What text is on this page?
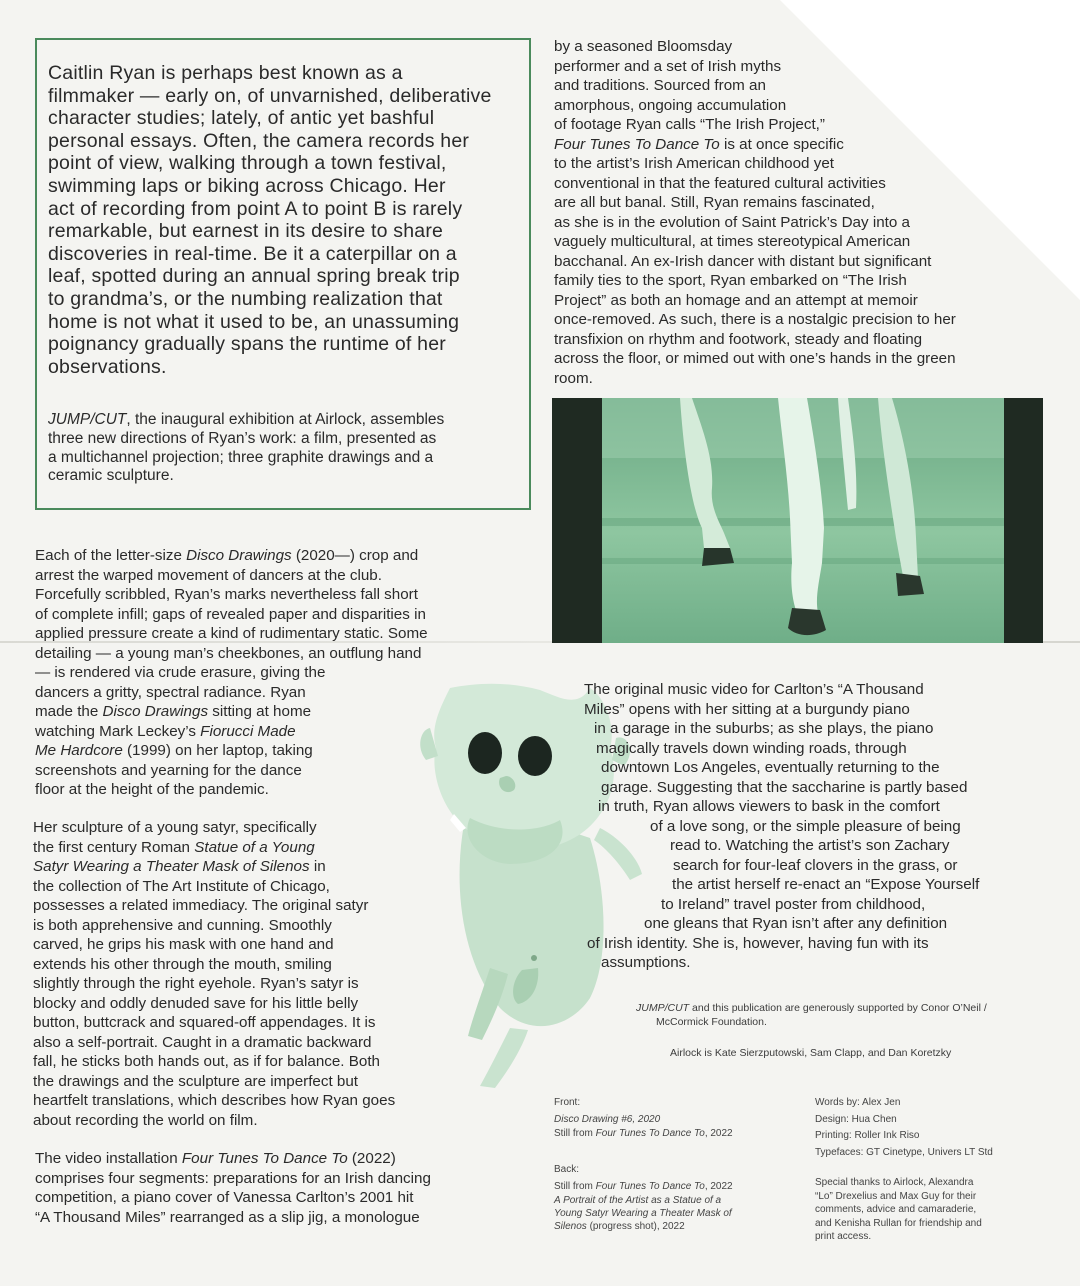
Caitlin Ryan is perhaps best known as a
filmmaker — early on, of unvarnished, deliberative
character studies; lately, of antic yet bashful
personal essays. Often, the camera records her
point of view, walking through a town festival,
swimming laps or biking across Chicago. Her
act of recording from point A to point B is rarely
remarkable, but earnest in its desire to share
discoveries in real-time. Be it a caterpillar on a
leaf, spotted during an annual spring break trip
to grandma’s, or the numbing realization that
home is not what it used to be, an unassuming
poignancy gradually spans the runtime of her
observations.
JUMP/CUT, the inaugural exhibition at Airlock, assembles
three new directions of Ryan’s work: a film, presented as
a multichannel projection; three graphite drawings and a
ceramic sculpture.
by a seasoned Bloomsday
performer and a set of Irish myths
and traditions. Sourced from an
amorphous, ongoing accumulation
of footage Ryan calls “The Irish Project,”
Four Tunes To Dance To is at once specific
to the artist’s Irish American childhood yet
conventional in that the featured cultural activities
are all but banal. Still, Ryan remains fascinated,
as she is in the evolution of Saint Patrick’s Day into a
vaguely multicultural, at times stereotypical American
bacchanal. An ex-Irish dancer with distant but significant
family ties to the sport, Ryan embarked on “The Irish
Project” as both an homage and an attempt at memoir
once-removed. As such, there is a nostalgic precision to her
transfixion on rhythm and footwork, steady and floating
across the floor, or mimed out with one’s hands in the green
room.
Each of the letter-size Disco Drawings (2020—) crop and
arrest the warped movement of dancers at the club.
Forcefully scribbled, Ryan’s marks nevertheless fall short
of complete infill; gaps of revealed paper and disparities in
applied pressure create a kind of rudimentary static. Some
detailing — a young man’s cheekbones, an outflung hand
— is rendered via crude erasure, giving the
dancers a gritty, spectral radiance. Ryan
made the Disco Drawings sitting at home
watching Mark Leckey’s Fiorucci Made
Me Hardcore (1999) on her laptop, taking
screenshots and yearning for the dance
floor at the height of the pandemic.
Her sculpture of a young satyr, specifically
the first century Roman Statue of a Young
Satyr Wearing a Theater Mask of Silenos in
the collection of The Art Institute of Chicago,
possesses a related immediacy. The original satyr
is both apprehensive and cunning. Smoothly
carved, he grips his mask with one hand and
extends his other through the mouth, smiling
slightly through the right eyehole. Ryan’s satyr is
blocky and oddly denuded save for his little belly
button, buttcrack and squared-off appendages. It is
also a self-portrait. Caught in a dramatic backward
fall, he sticks both hands out, as if for balance. Both
the drawings and the sculpture are imperfect but
heartfelt translations, which describes how Ryan goes
about recording the world on film.
The video installation Four Tunes To Dance To (2022)
comprises four segments: preparations for an Irish dancing
competition, a piano cover of Vanessa Carlton’s 2001 hit
“A Thousand Miles” rearranged as a slip jig, a monologue
The original music video for Carlton’s “A Thousand
Miles” opens with her sitting at a burgundy piano
in a garage in the suburbs; as she plays, the piano
magically travels down winding roads, through
downtown Los Angeles, eventually returning to the
garage. Suggesting that the saccharine is partly based
in truth, Ryan allows viewers to bask in the comfort
of a love song, or the simple pleasure of being
read to. Watching the artist’s son Zachary
search for four-leaf clovers in the grass, or
the artist herself re-enact an “Expose Yourself
to Ireland” travel poster from childhood,
one gleans that Ryan isn’t after any definition
of Irish identity. She is, however, having fun with its
assumptions.
JUMP/CUT and this publication are generously supported by Conor O’Neil /
McCormick Foundation.
Airlock is Kate Sierzputowski, Sam Clapp, and Dan Koretzky
Front:
Disco Drawing #6, 2020
Still from Four Tunes To Dance To, 2022
Back:
Still from Four Tunes To Dance To, 2022
A Portrait of the Artist as a Statue of a
Young Satyr Wearing a Theater Mask of
Silenos (progress shot), 2022
Words by: Alex Jen
Design: Hua Chen
Printing: Roller Ink Riso
Typefaces: GT Cinetype, Univers LT Std
Special thanks to Airlock, Alexandra
“Lo” Drexelius and Max Guy for their
comments, advice and camaraderie,
and Kenisha Rullan for friendship and
print access.
